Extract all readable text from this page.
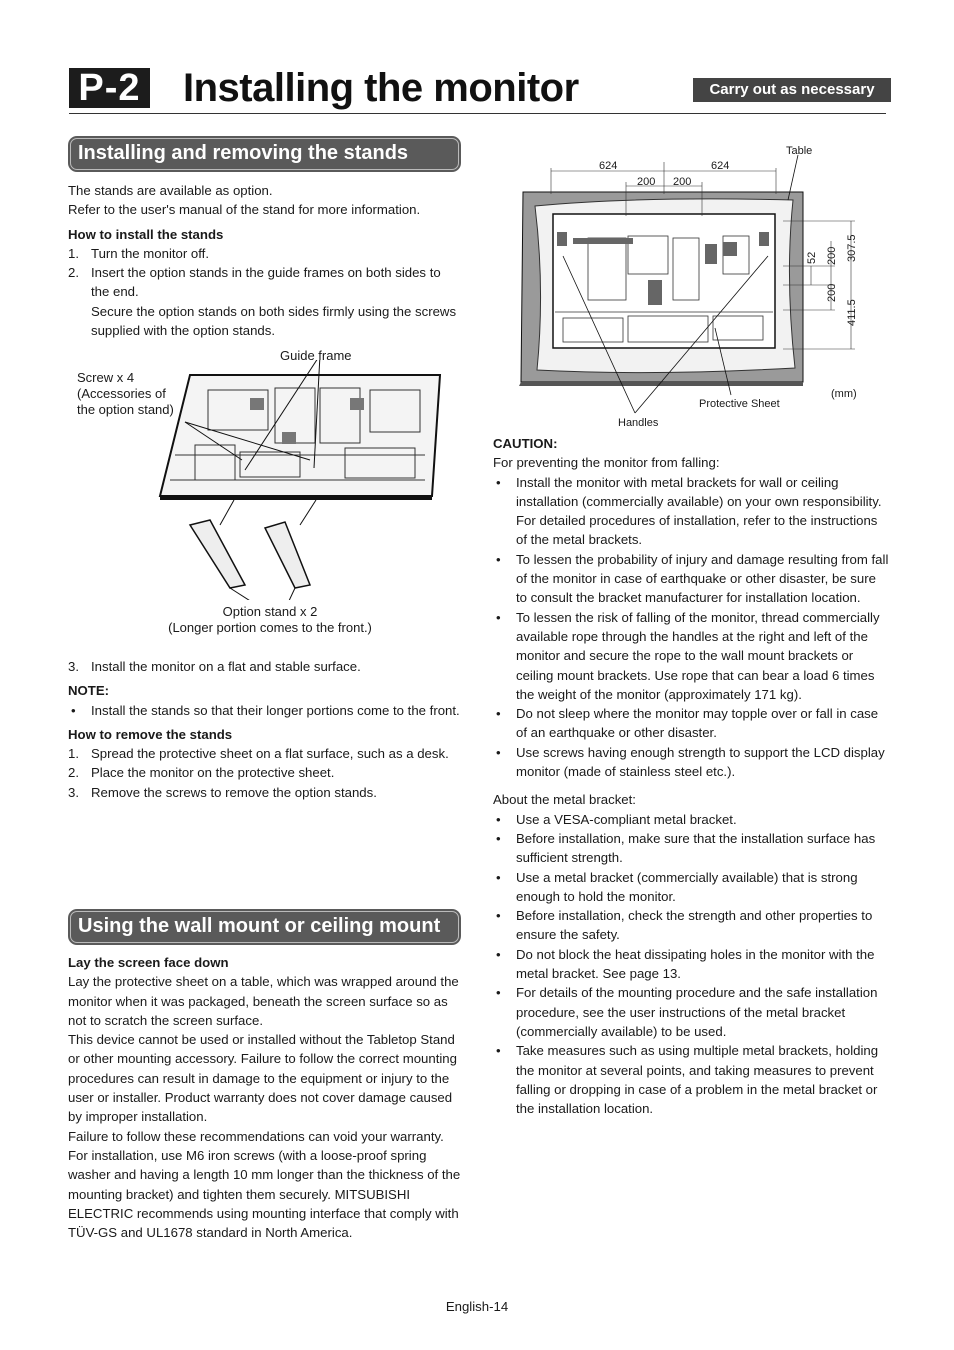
P-2 Installing the monitor	Carry out as necessary
Installing and removing the stands

The stands are available as option.

Refer to the user's manual of the stand for more information.

How to install the stands

1. Turn the monitor off.
2. Insert the option stands in the guide frames on both sides to the end.
Secure the option stands on both sides firmly using the screws supplied with the option stands.
Guide frame
Screw x 4
(Accessories of
the option stand)
Option stand x 2
(Longer portion comes to the front.)
3. Install the monitor on a flat and stable surface.

NOTE:

• Install the stands so that their longer portions come to the front.

How to remove the stands

1. Spread the protective sheet on a flat surface, such as a desk.
2. Place the monitor on the protective sheet.
3. Remove the screws to remove the option stands.
Using the wall mount or ceiling mount

Lay the screen face down

Lay the protective sheet on a table, which was wrapped around the monitor when it was packaged, beneath the screen surface so as not to scratch the screen surface.

This device cannot be used or installed without the Tabletop Stand or other mounting accessory. Failure to follow the correct mounting procedures can result in damage to the equipment or injury to the user or installer. Product warranty does not cover damage caused by improper installation.

Failure to follow these recommendations can void your warranty.

For installation, use M6 iron screws (with a loose-proof spring washer and having a length 10 mm longer than the thickness of the mounting bracket) and tighten them securely. MITSUBISHI ELECTRIC recommends using mounting interface that comply with TÜV-GS and UL1678 standard in North America.

Table
624	624
200 200
52 200
200
307.5
411.5
(mm)
Protective Sheet
Handles

CAUTION:

For preventing the monitor from falling:

• Install the monitor with metal brackets for wall or ceiling installation (commercially available) on your own responsibility. For detailed procedures of installation, refer to the instructions of the metal brackets.
• To lessen the probability of injury and damage resulting from fall of the monitor in case of earthquake or other disaster, be sure to consult the bracket manufacturer for installation location.
• To lessen the risk of falling of the monitor, thread commercially available rope through the handles at the right and left of the monitor and secure the rope to the wall mount brackets or ceiling mount brackets. Use rope that can bear a load 6 times the weight of the monitor (approximately 171 kg).
• Do not sleep where the monitor may topple over or fall in case of an earthquake or other disaster.
• Use screws having enough strength to support the LCD display monitor (made of stainless steel etc.).

About the metal bracket:

• Use a VESA-compliant metal bracket.
• Before installation, make sure that the installation surface has sufficient strength.
• Use a metal bracket (commercially available) that is strong enough to hold the monitor.
• Before installation, check the strength and other properties to ensure the safety.
• Do not block the heat dissipating holes in the monitor with the metal bracket. See page 13.
• For details of the mounting procedure and the safe installation procedure, see the user instructions of the metal bracket (commercially available) to be used.
• Take measures such as using multiple metal brackets, holding the monitor at several points, and taking measures to prevent falling or dropping in case of a problem in the metal bracket or the installation location.
English-14
